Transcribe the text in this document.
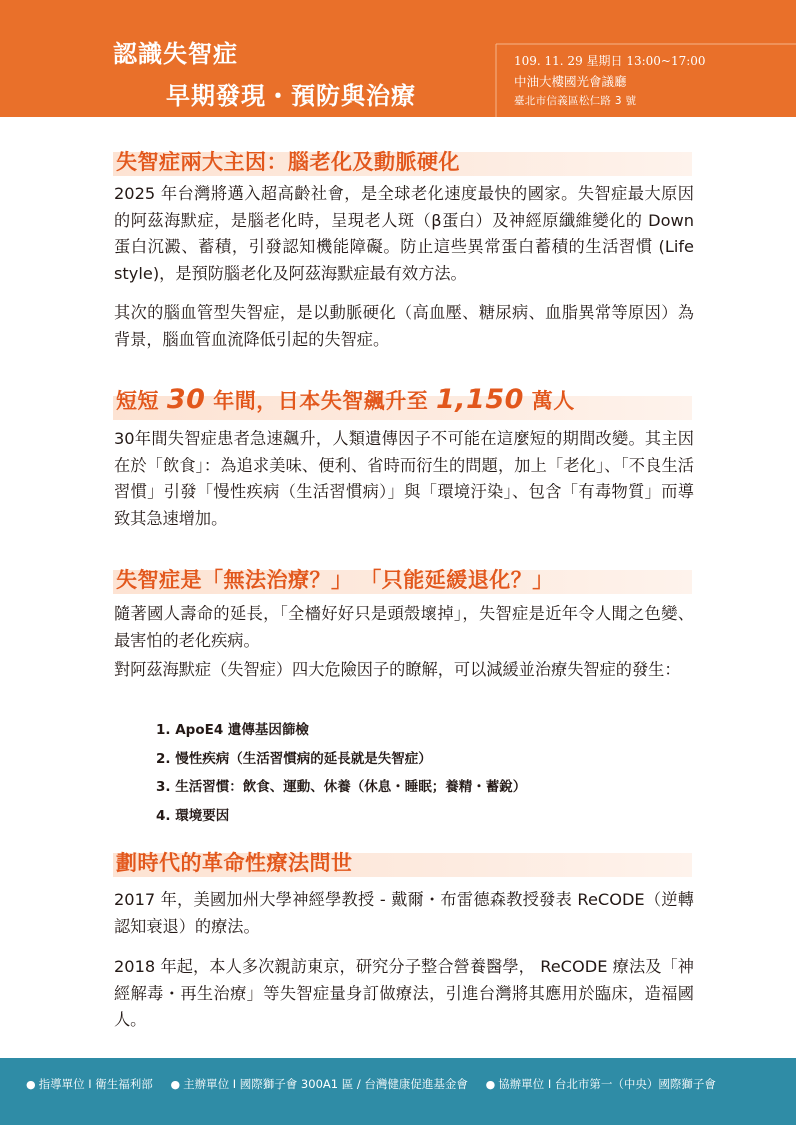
認識失智症
早期發現・預防與治療
109. 11. 29 星期日 13:00~17:00
中油大樓國光會議廳
臺北市信義區松仁路 3 號
失智症兩大主因：腦老化及動脈硬化
2025 年台灣將邁入超高齡社會，是全球老化速度最快的國家。失智症最大原因的阿茲海默症，是腦老化時，呈現老人斑（β蛋白）及神經原纖維變化的 Down 蛋白沉澱、蓄積，引發認知機能障礙。防止這些異常蛋白蓄積的生活習慣 (Life style)，是預防腦老化及阿茲海默症最有效方法。
其次的腦血管型失智症，是以動脈硬化（高血壓、糖尿病、血脂異常等原因）為背景，腦血管血流降低引起的失智症。
短短 30 年間，日本失智飆升至 1,150 萬人
30年間失智症患者急速飆升，人類遺傳因子不可能在這麼短的期間改變。其主因在於「飲食」：為追求美味、便利、省時而衍生的問題，加上「老化」、「不良生活習慣」引發「慢性疾病（生活習慣病）」與「環境汙染」、包含「有毒物質」而導致其急速增加。
失智症是「無法治療？」 「只能延緩退化？」
隨著國人壽命的延長，「全檣好好只是頭殼壞掉」，失智症是近年令人聞之色變、最害怕的老化疾病。
對阿茲海默症（失智症）四大危險因子的瞭解，可以減緩並治療失智症的發生：
1. ApoE4 遺傳基因篩檢
2. 慢性疾病（生活習慣病的延長就是失智症）
3. 生活習慣：飲食、運動、休養（休息・睡眠；養精・蓄銳）
4. 環境要因
劃時代的革命性療法問世
2017 年，美國加州大學神經學教授 - 戴爾・布雷德森教授發表 ReCODE（逆轉認知衰退）的療法。
2018 年起，本人多次親訪東京，研究分子整合營養醫學， ReCODE 療法及「神經解毒・再生治療」等失智症量身訂做療法，引進台灣將其應用於臨床，造福國人。
● 指導單位 I 衛生福利部 ● 主辦單位 I 國際獅子會 300A1 區 / 台灣健康促進基金會 ● 協辦單位 I 台北市第一（中央）國際獅子會
